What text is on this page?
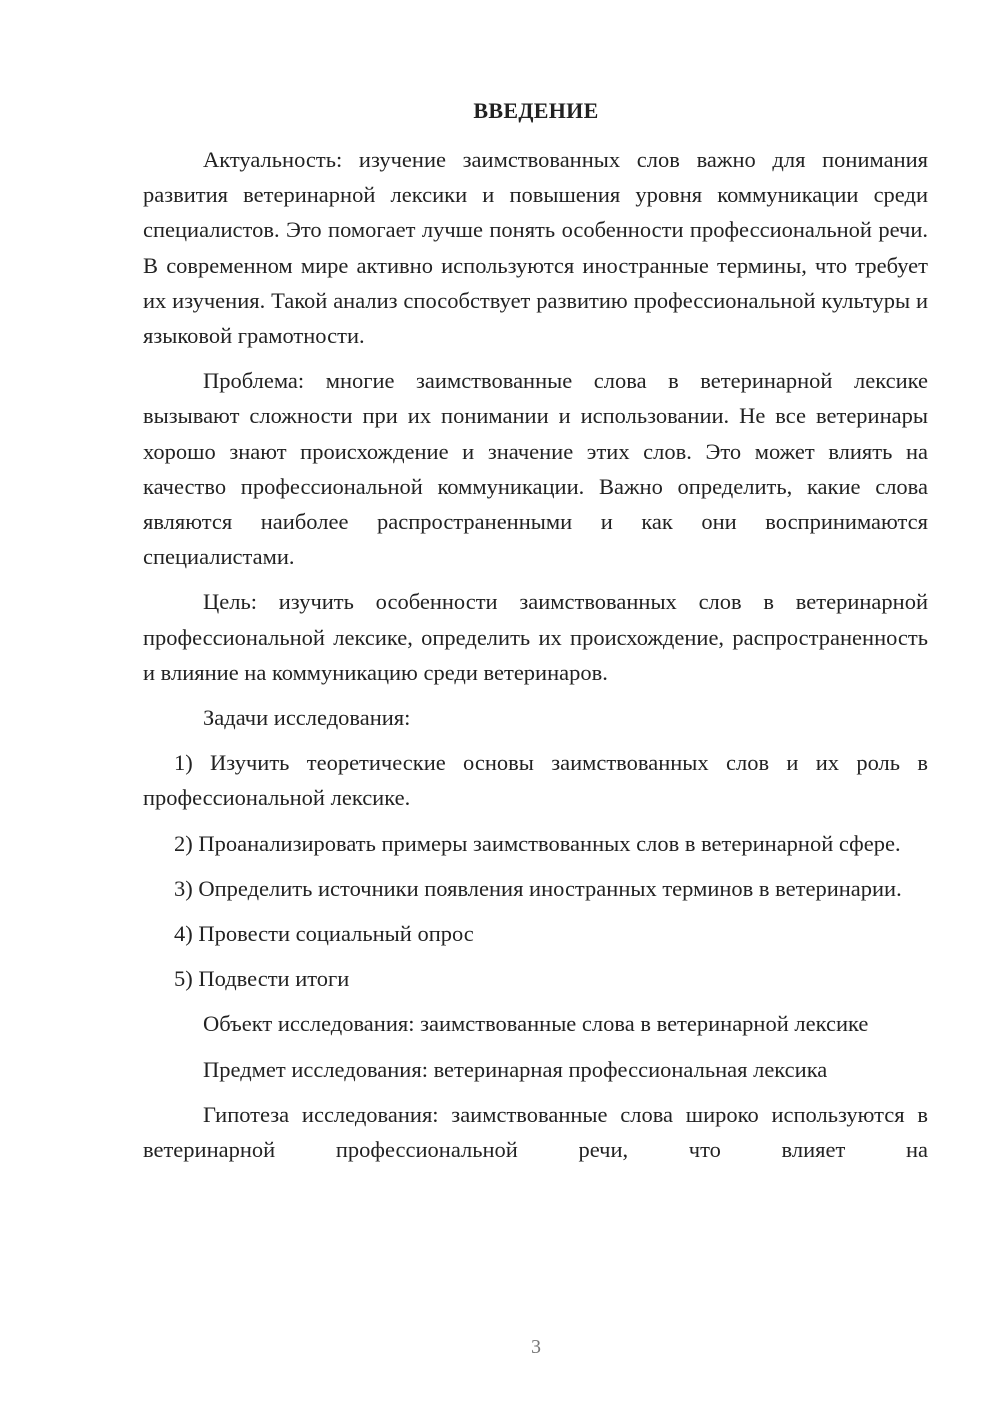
ВВЕДЕНИЕ

Актуальность: изучение заимствованных слов важно для понимания развития ветеринарной лексики и повышения уровня коммуникации среди специалистов. Это помогает лучше понять особенности профессиональной речи. В современном мире активно используются иностранные термины, что требует их изучения. Такой анализ способствует развитию профессиональной культуры и языковой грамотности.

Проблема: многие заимствованные слова в ветеринарной лексике вызывают сложности при их понимании и использовании. Не все ветеринары хорошо знают происхождение и значение этих слов. Это может влиять на качество профессиональной коммуникации. Важно определить, какие слова являются наиболее распространенными и как они воспринимаются специалистами.

Цель: изучить особенности заимствованных слов в ветеринарной профессиональной лексике, определить их происхождение, распространенность и влияние на коммуникацию среди ветеринаров.

Задачи исследования:

1) Изучить теоретические основы заимствованных слов и их роль в профессиональной лексике.

2) Проанализировать примеры заимствованных слов в ветеринарной сфере.

3) Определить источники появления иностранных терминов в ветеринарии.

4) Провести социальный опрос

5) Подвести итоги

Объект исследования: заимствованные слова в ветеринарной лексике

Предмет исследования: ветеринарная профессиональная лексика

Гипотеза исследования: заимствованные слова широко используются в ветеринарной профессиональной речи, что влияет на

3
